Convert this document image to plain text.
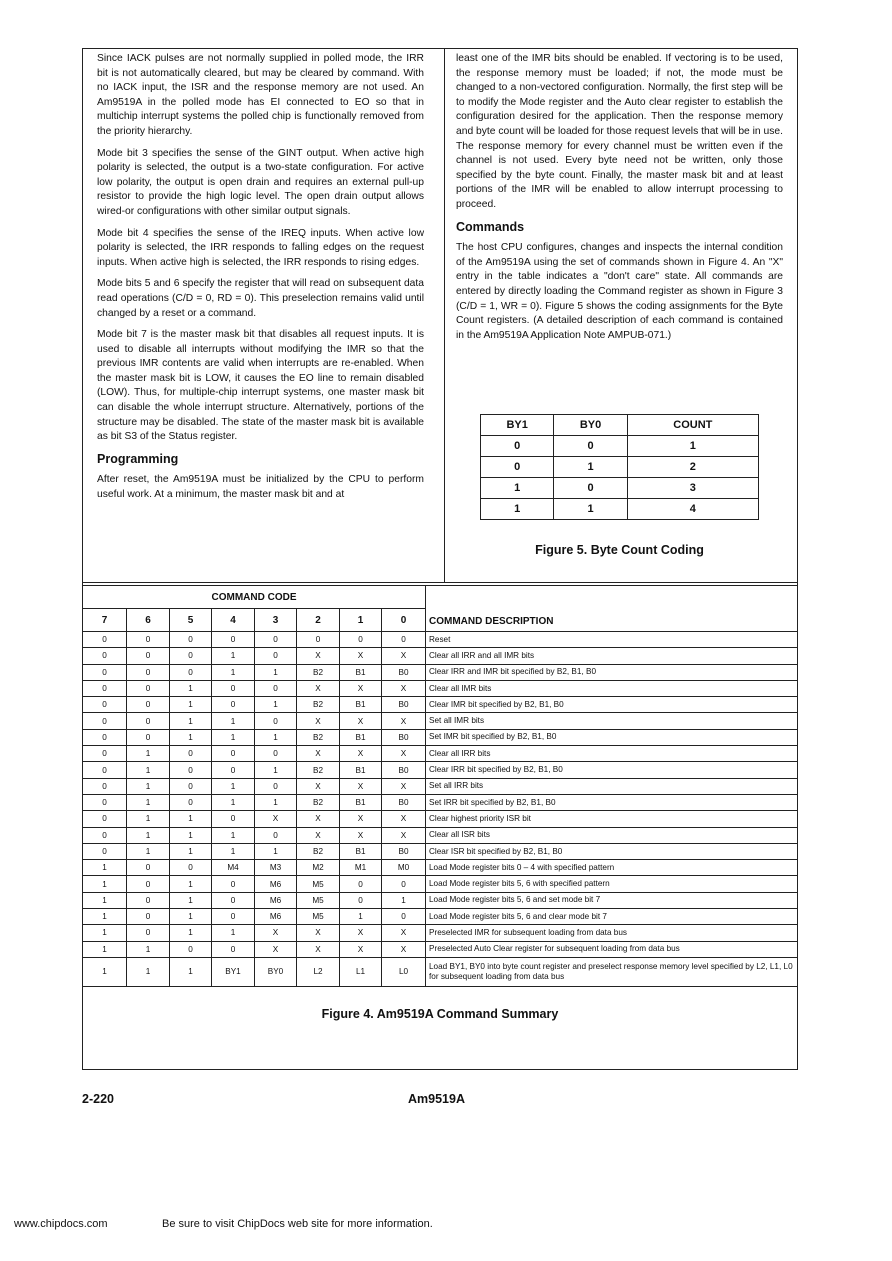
Since IACK pulses are not normally supplied in polled mode, the IRR bit is not automatically cleared, but may be cleared by command. With no IACK input, the ISR and the response memory are not used. An Am9519A in the polled mode has EI connected to EO so that in multichip interrupt systems the polled chip is functionally removed from the priority hierarchy.

Mode bit 3 specifies the sense of the GINT output. When active high polarity is selected, the output is a two-state configuration. For active low polarity, the output is open drain and requires an external pull-up resistor to provide the high logic level. The open drain output allows wired-or configurations with other similar output signals.

Mode bit 4 specifies the sense of the IREQ inputs. When active low polarity is selected, the IRR responds to falling edges on the request inputs. When active high is selected, the IRR responds to rising edges.

Mode bits 5 and 6 specify the register that will read on subsequent data read operations (C/D = 0, RD = 0). This preselection remains valid until changed by a reset or a command.

Mode bit 7 is the master mask bit that disables all request inputs. It is used to disable all interrupts without modifying the IMR so that the previous IMR contents are valid when interrupts are re-enabled. When the master mask bit is LOW, it causes the EO line to remain disabled (LOW). Thus, for multiple-chip interrupt systems, one master mask bit can disable the whole interrupt structure. Alternatively, portions of the structure may be disabled. The state of the master mask bit is available as bit S3 of the Status register.

Programming

After reset, the Am9519A must be initialized by the CPU to perform useful work. At a minimum, the master mask bit and at

least one of the IMR bits should be enabled. If vectoring is to be used, the response memory must be loaded; if not, the mode must be changed to a non-vectored configuration. Normally, the first step will be to modify the Mode register and the Auto clear register to establish the configuration desired for the application. Then the response memory and byte count will be loaded for those request levels that will be in use. The response memory for every channel must be written even if the channel is not used. Every byte need not be written, only those specified by the byte count. Finally, the master mask bit and at least portions of the IMR will be enabled to allow interrupt processing to proceed.

Commands

The host CPU configures, changes and inspects the internal condition of the Am9519A using the set of commands shown in Figure 4. An "X" entry in the table indicates a "don't care" state. All commands are entered by directly loading the Command register as shown in Figure 3 (C/D = 1, WR = 0). Figure 5 shows the coding assignments for the Byte Count registers. (A detailed description of each command is contained in the Am9519A Application Note AMPUB-071.)

BY1	BY0	COUNT
0	0	1
0	1	2
1	0	3
1	1	4
Figure 5. Byte Count Coding
COMMAND CODE								COMMAND DESCRIPTION
7	6	5	4	3	2	1	0	
0	0	0	0	0	0	0	0	Reset
0	0	0	1	0	X	X	X	Clear all IRR and all IMR bits
0	0	0	1	1	B2	B1	B0	Clear IRR and IMR bit specified by B2, B1, B0
0	0	1	0	0	X	X	X	Clear all IMR bits
0	0	1	0	1	B2	B1	B0	Clear IMR bit specified by B2, B1, B0
0	0	1	1	0	X	X	X	Set all IMR bits
0	0	1	1	1	B2	B1	B0	Set IMR bit specified by B2, B1, B0
0	1	0	0	0	X	X	X	Clear all IRR bits
0	1	0	0	1	B2	B1	B0	Clear IRR bit specified by B2, B1, B0
0	1	0	1	0	X	X	X	Set all IRR bits
0	1	0	1	1	B2	B1	B0	Set IRR bit specified by B2, B1, B0
0	1	1	0	X	X	X	X	Clear highest priority ISR bit
0	1	1	1	0	X	X	X	Clear all ISR bits
0	1	1	1	1	B2	B1	B0	Clear ISR bit specified by B2, B1, B0
1	0	0	M4	M3	M2	M1	M0	Load Mode register bits 0 – 4 with specified pattern
1	0	1	0	M6	M5	0	0	Load Mode register bits 5, 6 with specified pattern
1	0	1	0	M6	M5	0	1	Load Mode register bits 5, 6 and set mode bit 7
1	0	1	0	M6	M5	1	0	Load Mode register bits 5, 6 and clear mode bit 7
1	0	1	1	X	X	X	X	Preselected IMR for subsequent loading from data bus
1	1	0	0	X	X	X	X	Preselected Auto Clear register for subsequent loading from data bus
1	1	1	BY1	BY0	L2	L1	L0	Load BY1, BY0 into byte count register and preselect response memory level specified by L2, L1, L0 for subsequent loading from data bus
Figure 4. Am9519A Command Summary
2-220	Am9519A
www.chipdocs.com	Be sure to visit ChipDocs web site for more information.
